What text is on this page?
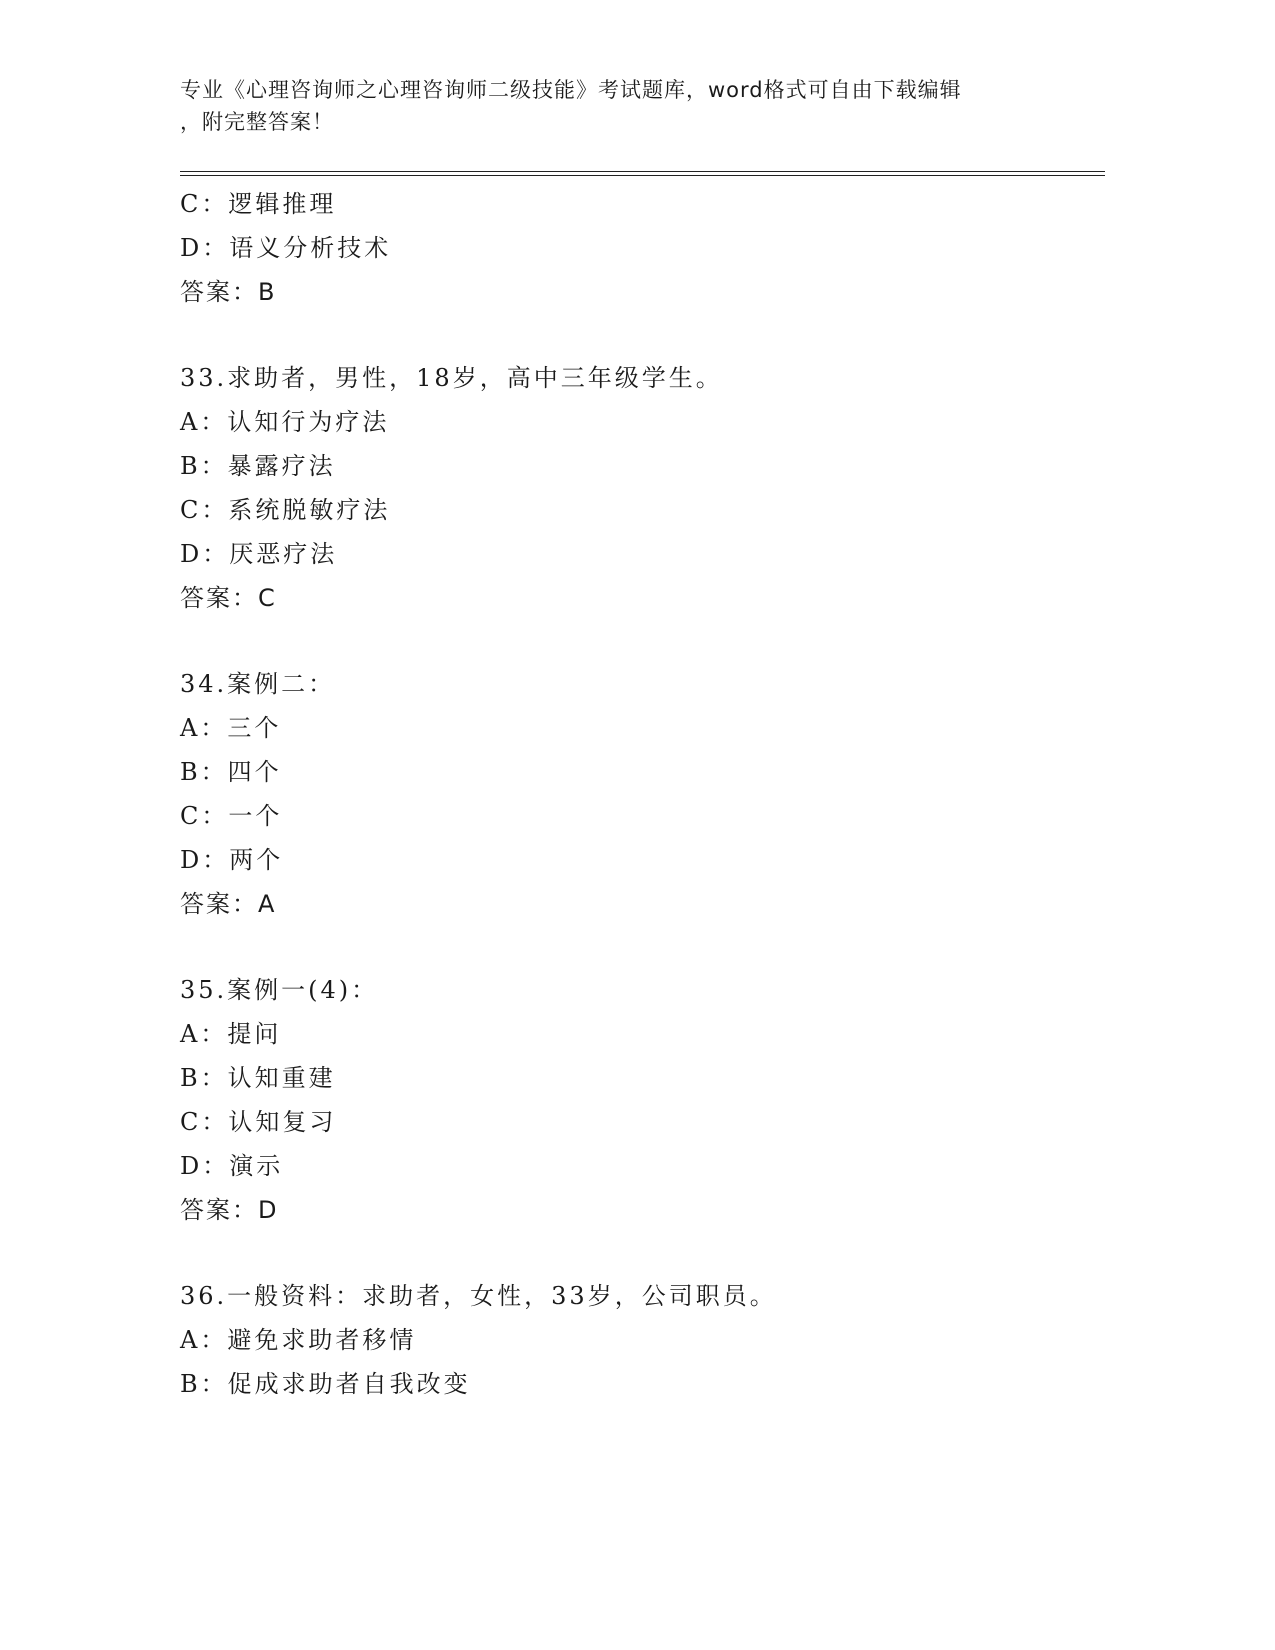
专业《心理咨询师之心理咨询师二级技能》考试题库，word格式可自由下载编辑
，附完整答案！
C：逻辑推理
D：语义分析技术
答案：B
33.求助者，男性，18岁，高中三年级学生。
A：认知行为疗法
B：暴露疗法
C：系统脱敏疗法
D：厌恶疗法
答案：C
34.案例二：
A：三个
B：四个
C：一个
D：两个
答案：A
35.案例一(4)：
A：提问
B：认知重建
C：认知复习
D：演示
答案：D
36.一般资料：求助者，女性，33岁，公司职员。
A：避免求助者移情
B：促成求助者自我改变
